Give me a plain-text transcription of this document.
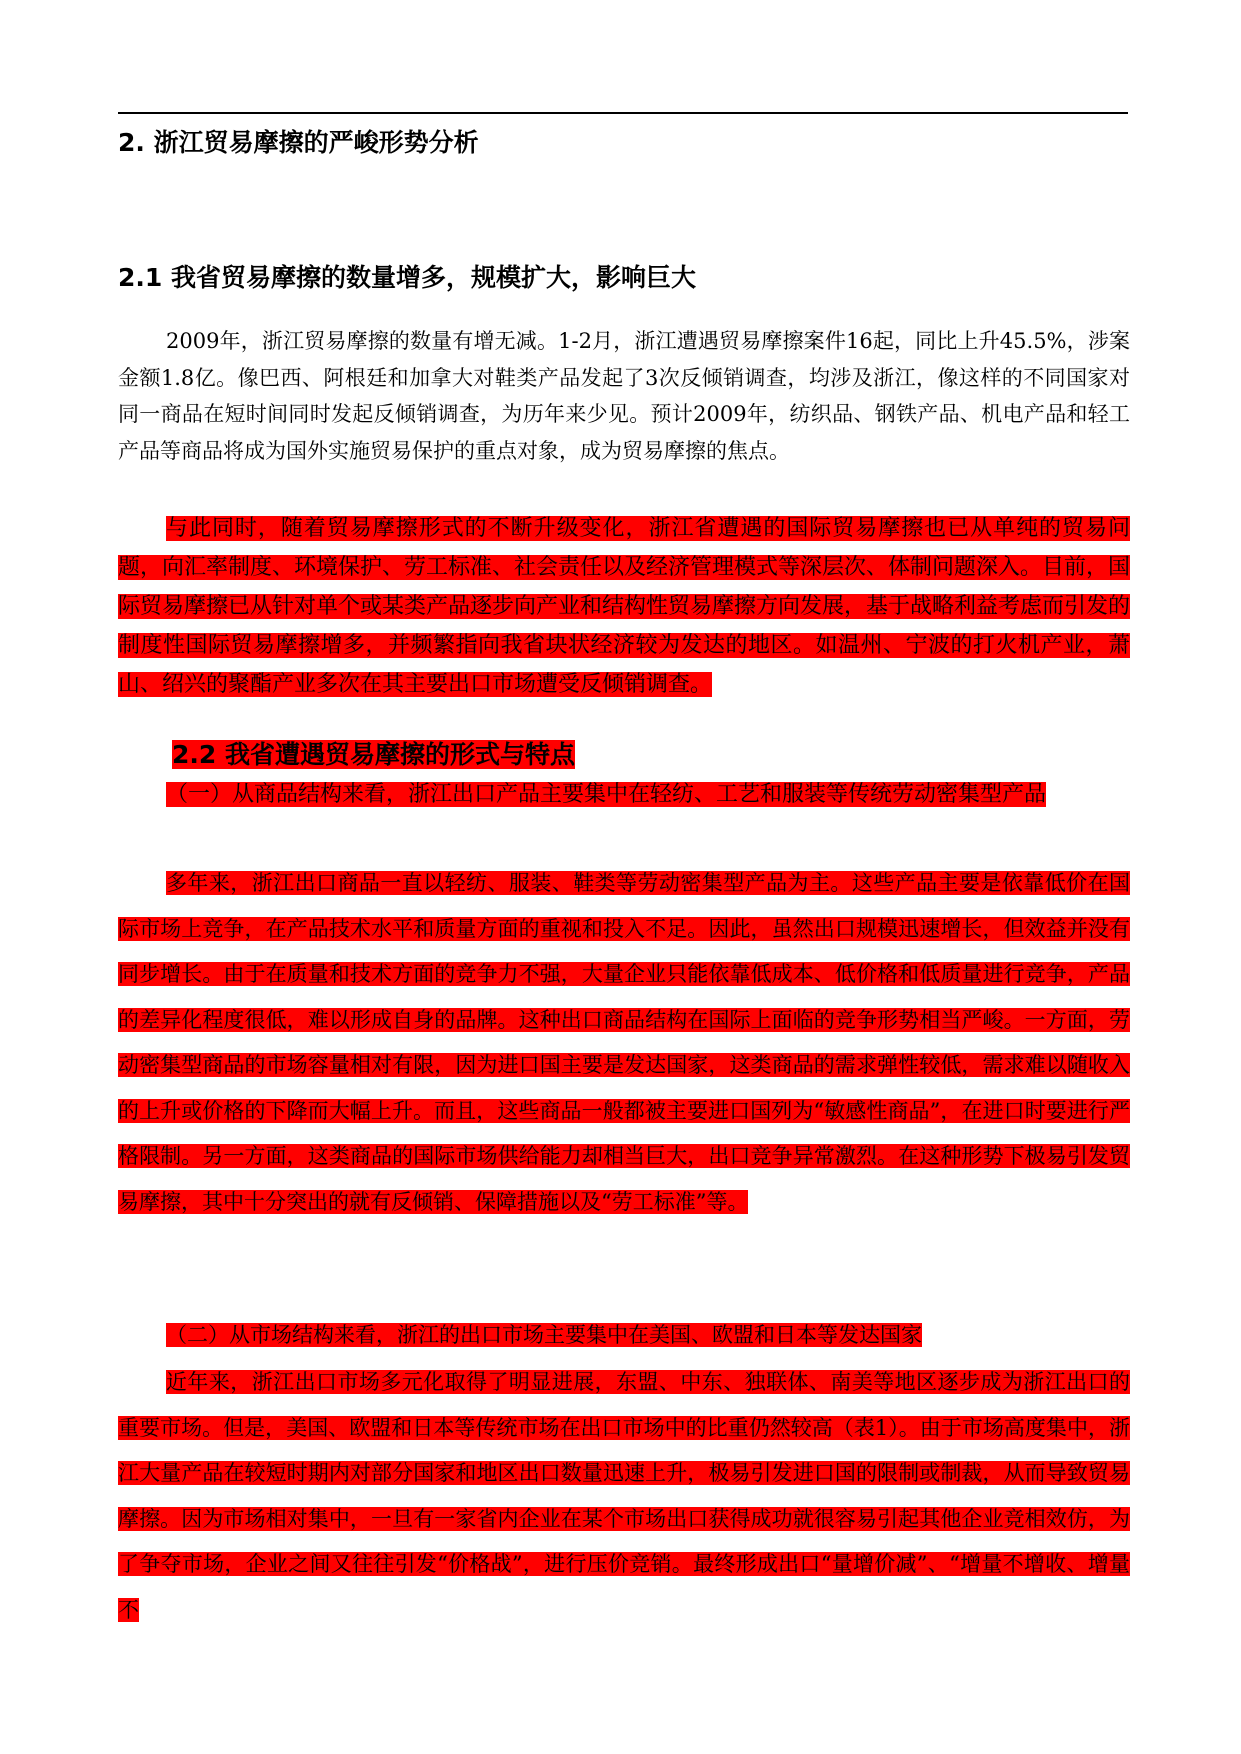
2. 浙江贸易摩擦的严峻形势分析
2.1 我省贸易摩擦的数量增多，规模扩大，影响巨大

2009年，浙江贸易摩擦的数量有增无减。1-2月，浙江遭遇贸易摩擦案件16起，同比上升45.5%，涉案金额1.8亿。像巴西、阿根廷和加拿大对鞋类产品发起了3次反倾销调查，均涉及浙江，像这样的不同国家对同一商品在短时间同时发起反倾销调查，为历年来少见。预计2009年，纺织品、钢铁产品、机电产品和轻工产品等商品将成为国外实施贸易保护的重点对象，成为贸易摩擦的焦点。

与此同时，随着贸易摩擦形式的不断升级变化，浙江省遭遇的国际贸易摩擦也已从单纯的贸易问题，向汇率制度、环境保护、劳工标准、社会责任以及经济管理模式等深层次、体制问题深入。目前，国际贸易摩擦已从针对单个或某类产品逐步向产业和结构性贸易摩擦方向发展，基于战略利益考虑而引发的制度性国际贸易摩擦增多，并频繁指向我省块状经济较为发达的地区。如温州、宁波的打火机产业，萧山、绍兴的聚酯产业多次在其主要出口市场遭受反倾销调查。

2.2 我省遭遇贸易摩擦的形式与特点

（一）从商品结构来看，浙江出口产品主要集中在轻纺、工艺和服装等传统劳动密集型产品

多年来，浙江出口商品一直以轻纺、服装、鞋类等劳动密集型产品为主。这些产品主要是依靠低价在国际市场上竞争，在产品技术水平和质量方面的重视和投入不足。因此，虽然出口规模迅速增长，但效益并没有同步增长。由于在质量和技术方面的竞争力不强，大量企业只能依靠低成本、低价格和低质量进行竞争，产品的差异化程度很低，难以形成自身的品牌。这种出口商品结构在国际上面临的竞争形势相当严峻。一方面，劳动密集型商品的市场容量相对有限，因为进口国主要是发达国家，这类商品的需求弹性较低，需求难以随收入的上升或价格的下降而大幅上升。而且，这些商品一般都被主要进口国列为“敏感性商品”，在进口时要进行严格限制。另一方面，这类商品的国际市场供给能力却相当巨大，出口竞争异常激烈。在这种形势下极易引发贸易摩擦，其中十分突出的就有反倾销、保障措施以及“劳工标准”等。

（二）从市场结构来看，浙江的出口市场主要集中在美国、欧盟和日本等发达国家

近年来，浙江出口市场多元化取得了明显进展，东盟、中东、独联体、南美等地区逐步成为浙江出口的重要市场。但是，美国、欧盟和日本等传统市场在出口市场中的比重仍然较高（表1）。由于市场高度集中，浙江大量产品在较短时期内对部分国家和地区出口数量迅速上升，极易引发进口国的限制或制裁，从而导致贸易摩擦。因为市场相对集中，一旦有一家省内企业在某个市场出口获得成功就很容易引起其他企业竞相效仿，为了争夺市场，企业之间又往往引发“价格战”，进行压价竞销。最终形成出口“量增价减”、“增量不增收、增量不
